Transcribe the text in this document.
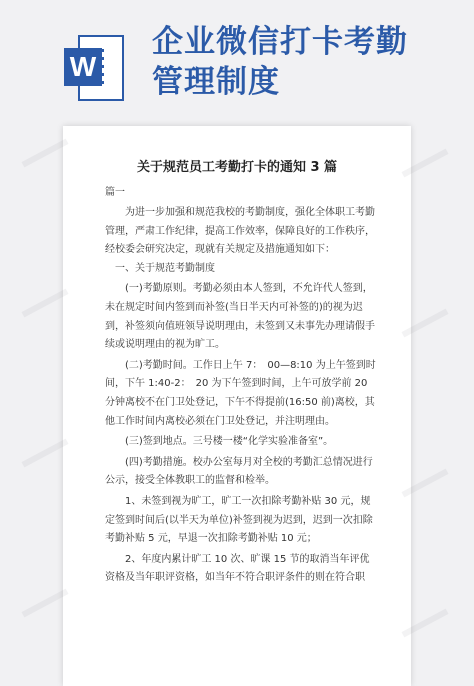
W
企业微信打卡考勤
管理制度
关于规范员工考勤打卡的通知 3 篇
篇一

为进一步加强和规范我校的考勤制度，强化全体职工考勤管理，严肃工作纪律，提高工作效率，保障良好的工作秩序，经校委会研究决定，现就有关规定及措施通知如下：

一、关于规范考勤制度

(一)考勤原则。考勤必须由本人签到，不允许代人签到，未在规定时间内签到而补签(当日半天内可补签的)的视为迟到，补签须向值班领导说明理由，未签到又未事先办理请假手续或说明理由的视为旷工。

(二)考勤时间。工作日上午 7：　00—8:10 为上午签到时间，下午 1:40-2：　20 为下午签到时间，上午可放学前 20 分钟离校不在门卫处登记，下午不得提前(16:50 前)离校，其他工作时间内离校必须在门卫处登记，并注明理由。

(三)签到地点。三号楼一楼“化学实验准备室”。

(四)考勤措施。校办公室每月对全校的考勤汇总情况进行公示，接受全体教职工的监督和检举。

1、未签到视为旷工，旷工一次扣除考勤补贴 30 元，规定签到时间后(以半天为单位)补签到视为迟到，迟到一次扣除考勤补贴 5 元，早退一次扣除考勤补贴 10 元；

2、年度内累计旷工 10 次、旷课 15 节的取消当年评优资格及当年职评资格，如当年不符合职评条件的则在符合职
